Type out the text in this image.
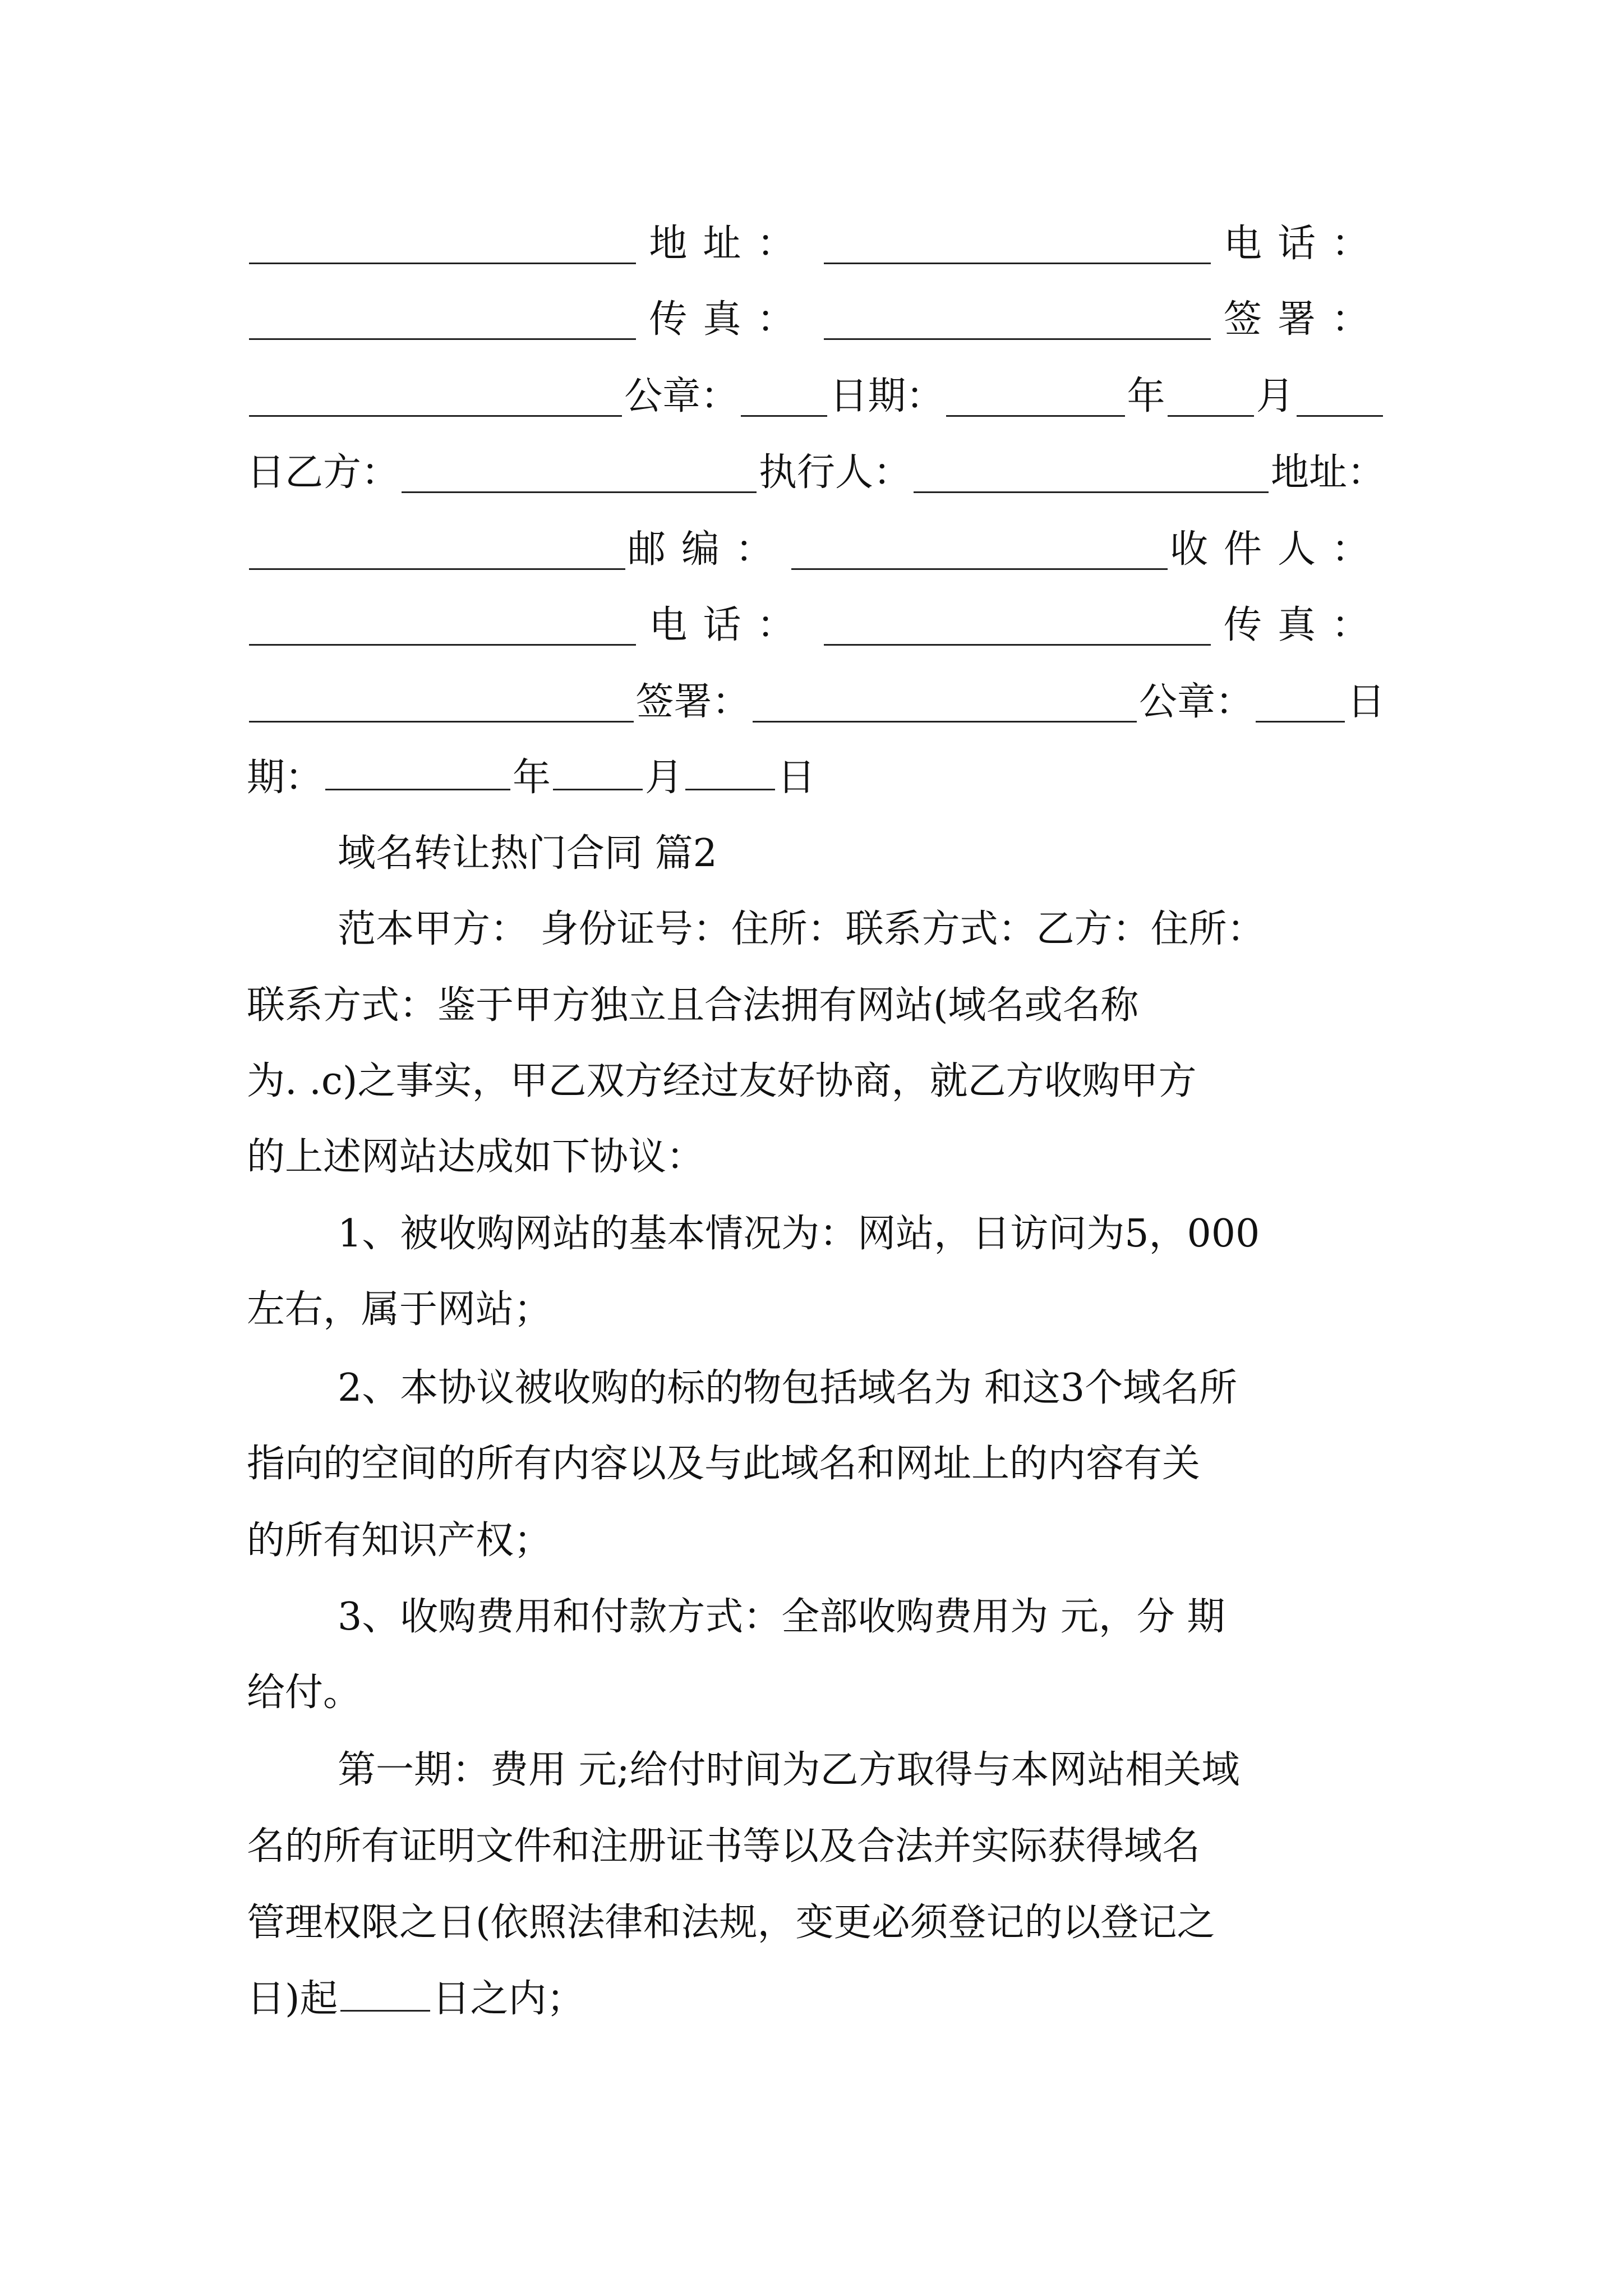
地址：	电话：
传真：	签署：
公章： 日期：	年 月
日乙方：	执行人：	地址：
邮编：	收件人：
电话：	传真：
签署：	公章： 日
期：	年 月 日
域名转让热门合同 篇2
范本甲方： 身份证号：住所：联系方式：乙方：住所：
联系方式：鉴于甲方独立且合法拥有网站(域名或名称
为. .c)之事实，甲乙双方经过友好协商，就乙方收购甲方
的上述网站达成如下协议：
1、被收购网站的基本情况为：网站，日访问为5，000
左右，属于网站；
2、本协议被收购的标的物包括域名为 和这3个域名所
指向的空间的所有内容以及与此域名和网址上的内容有关
的所有知识产权；
3、收购费用和付款方式：全部收购费用为 元，分 期
给付。
第一期：费用 元;给付时间为乙方取得与本网站相关域
名的所有证明文件和注册证书等以及合法并实际获得域名
管理权限之日(依照法律和法规，变更必须登记的以登记之
日)起 日之内；
